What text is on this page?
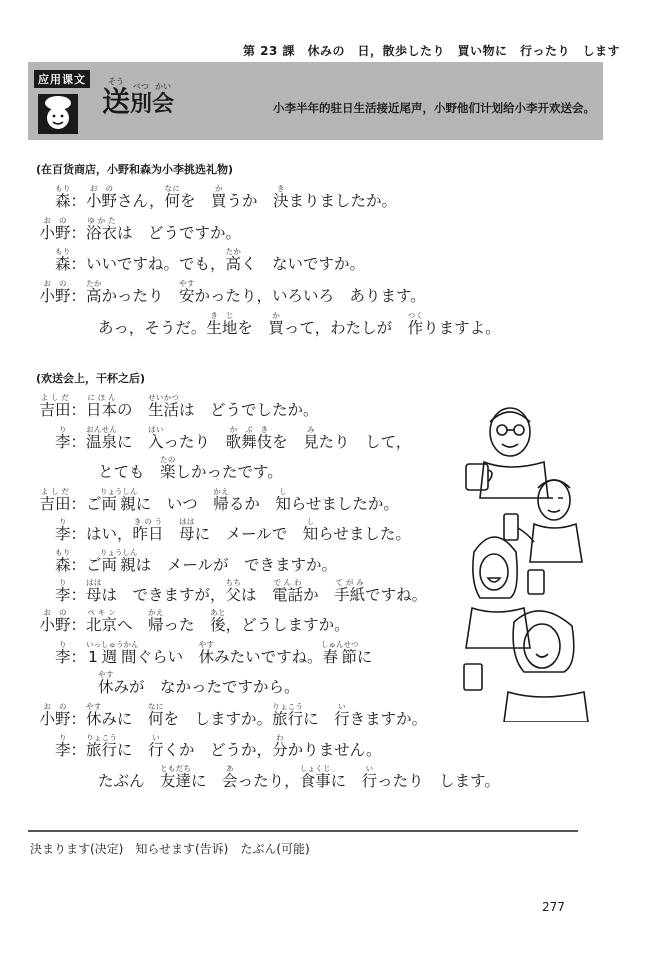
第 23 課　休みの　日，散歩したり　買い物に　行ったり　します
应用课文	そう
送 べつ
別
かい
会	小李半年的驻日生活接近尾声，小野他们计划给小李开欢送会。
(在百货商店，小野和森为小李挑选礼物)
森もり：小野おのさん，何なにを　買かうか　決きまりましたか。
小野おの：浴衣ゆかたは　どうですか。
森もり：いいですね。でも，高たかく　ないですか。
小野おの：高たかかったり　安やすかったり，いろいろ　あります。
あっ，そうだ。生地きじを　買かって，わたしが　作つくりますよ。
(欢送会上，干杯之后)
吉田よしだ：日本にほんの　生活せいかつは　どうでしたか。
李り：温泉おんせんに　入はいったり　歌舞伎かぶきを　見みたり　して，
とても　楽たのしかったです。
吉田よしだ：ご両親りょうしんに　いつ　帰かえるか　知しらせましたか。
李り：はい，昨日きのう　母ははに　メールで　知しらせました。
森もり：ご両親りょうしんは　メールが　できますか。
李り：母ははは　できますが，父ちちは　電話でんわか　手紙てがみですね。
小野おの：北京ペキンへ　帰かえった　後あと，どうしますか。
李り：1週間いっしゅうかんぐらい　休やすみたいですね。春節しゅんせつに
休やすみが　なかったですから。
小野おの：休やすみに　何なにを　しますか。旅行りょこうに　行いきますか。
李り：旅行りょこうに　行いくか　どうか，分わかりません。
たぶん　友達ともだちに　会あったり，食事しょくじに　行いったり　します。
決まります(决定)　知らせます(告诉)　たぶん(可能)
277
